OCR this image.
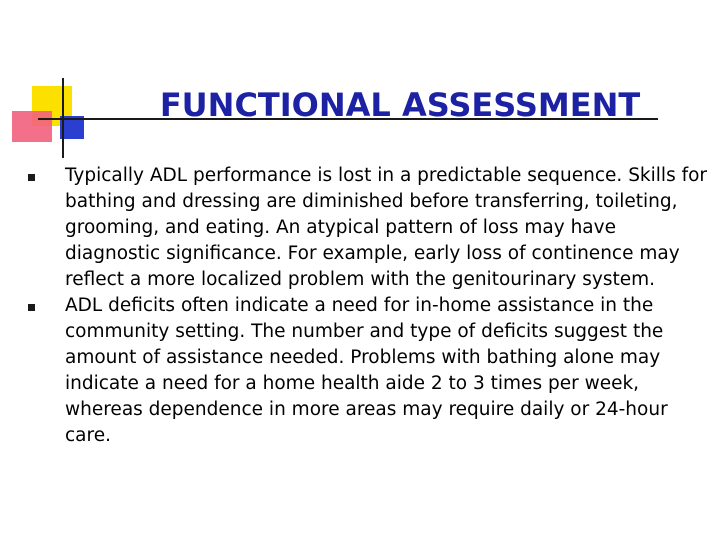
FUNCTIONAL ASSESSMENT
Typically ADL performance is lost in a predictable sequence. Skills for bathing and dressing are diminished before transferring, toileting, grooming, and eating. An atypical pattern of loss may have diagnostic significance. For example, early loss of continence may reflect a more localized problem with the genitourinary system.
ADL deficits often indicate a need for in-home assistance in the community setting. The number and type of deficits suggest the amount of assistance needed. Problems with bathing alone may indicate a need for a home health aide 2 to 3 times per week, whereas dependence in more areas may require daily or 24-hour care.
